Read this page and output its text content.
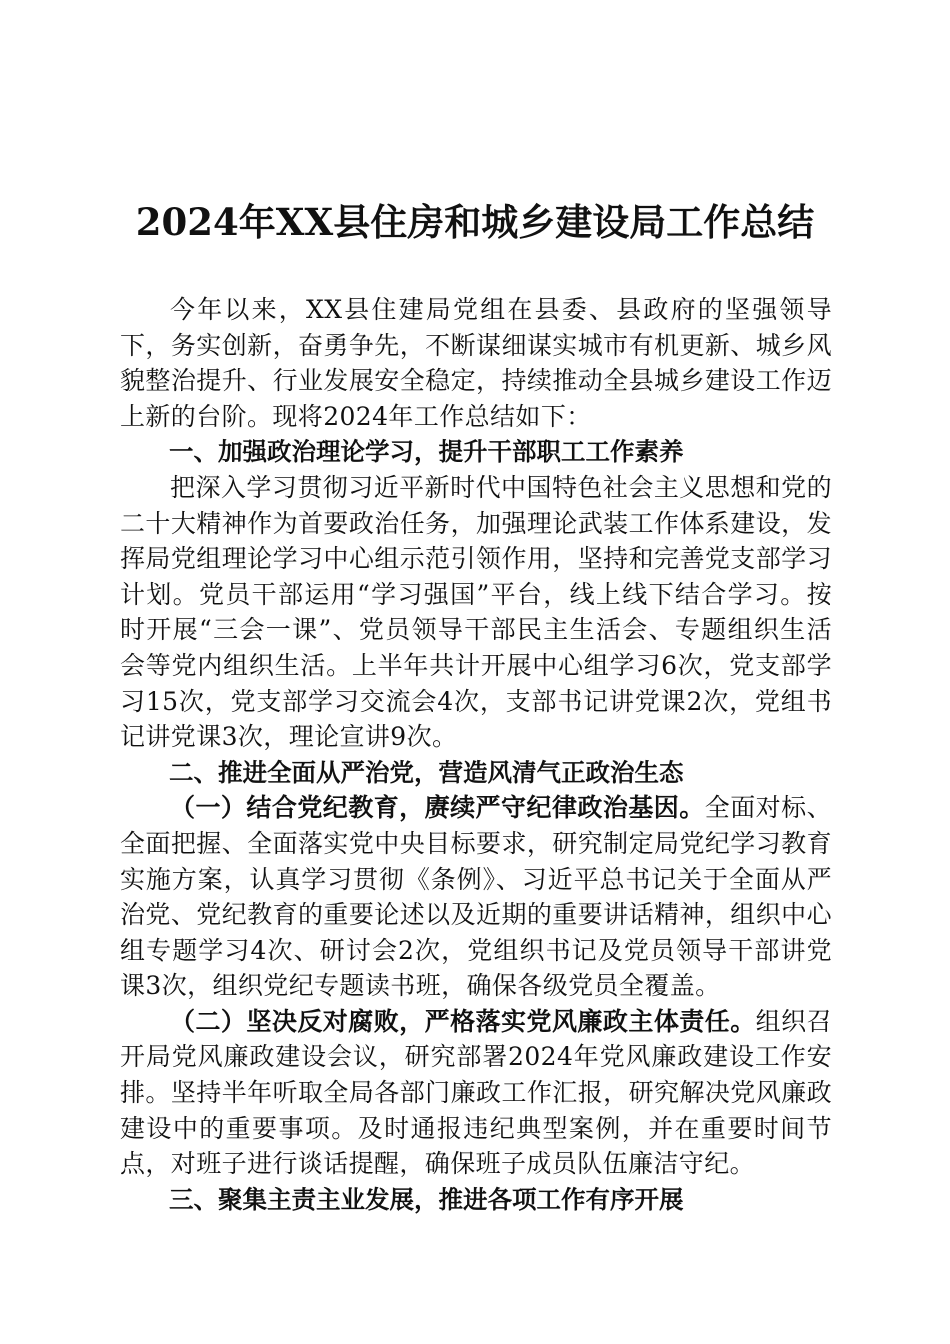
2024年XX县住房和城乡建设局工作总结

今年以来，XX县住建局党组在县委、县政府的坚强领导下，务实创新，奋勇争先，不断谋细谋实城市有机更新、城乡风貌整治提升、行业发展安全稳定，持续推动全县城乡建设工作迈上新的台阶。现将2024年工作总结如下：

一、加强政治理论学习，提升干部职工工作素养

把深入学习贯彻习近平新时代中国特色社会主义思想和党的二十大精神作为首要政治任务，加强理论武装工作体系建设，发挥局党组理论学习中心组示范引领作用，坚持和完善党支部学习计划。党员干部运用“学习强国”平台，线上线下结合学习。按时开展“三会一课”、党员领导干部民主生活会、专题组织生活会等党内组织生活。上半年共计开展中心组学习6次，党支部学习15次，党支部学习交流会4次，支部书记讲党课2次，党组书记讲党课3次，理论宣讲9次。

二、推进全面从严治党，营造风清气正政治生态

（一）结合党纪教育，赓续严守纪律政治基因。全面对标、全面把握、全面落实党中央目标要求，研究制定局党纪学习教育实施方案，认真学习贯彻《条例》、习近平总书记关于全面从严治党、党纪教育的重要论述以及近期的重要讲话精神，组织中心组专题学习4次、研讨会2次，党组织书记及党员领导干部讲党课3次，组织党纪专题读书班，确保各级党员全覆盖。

（二）坚决反对腐败，严格落实党风廉政主体责任。组织召开局党风廉政建设会议，研究部署2024年党风廉政建设工作安排。坚持半年听取全局各部门廉政工作汇报，研究解决党风廉政建设中的重要事项。及时通报违纪典型案例，并在重要时间节点，对班子进行谈话提醒，确保班子成员队伍廉洁守纪。

三、聚集主责主业发展，推进各项工作有序开展
